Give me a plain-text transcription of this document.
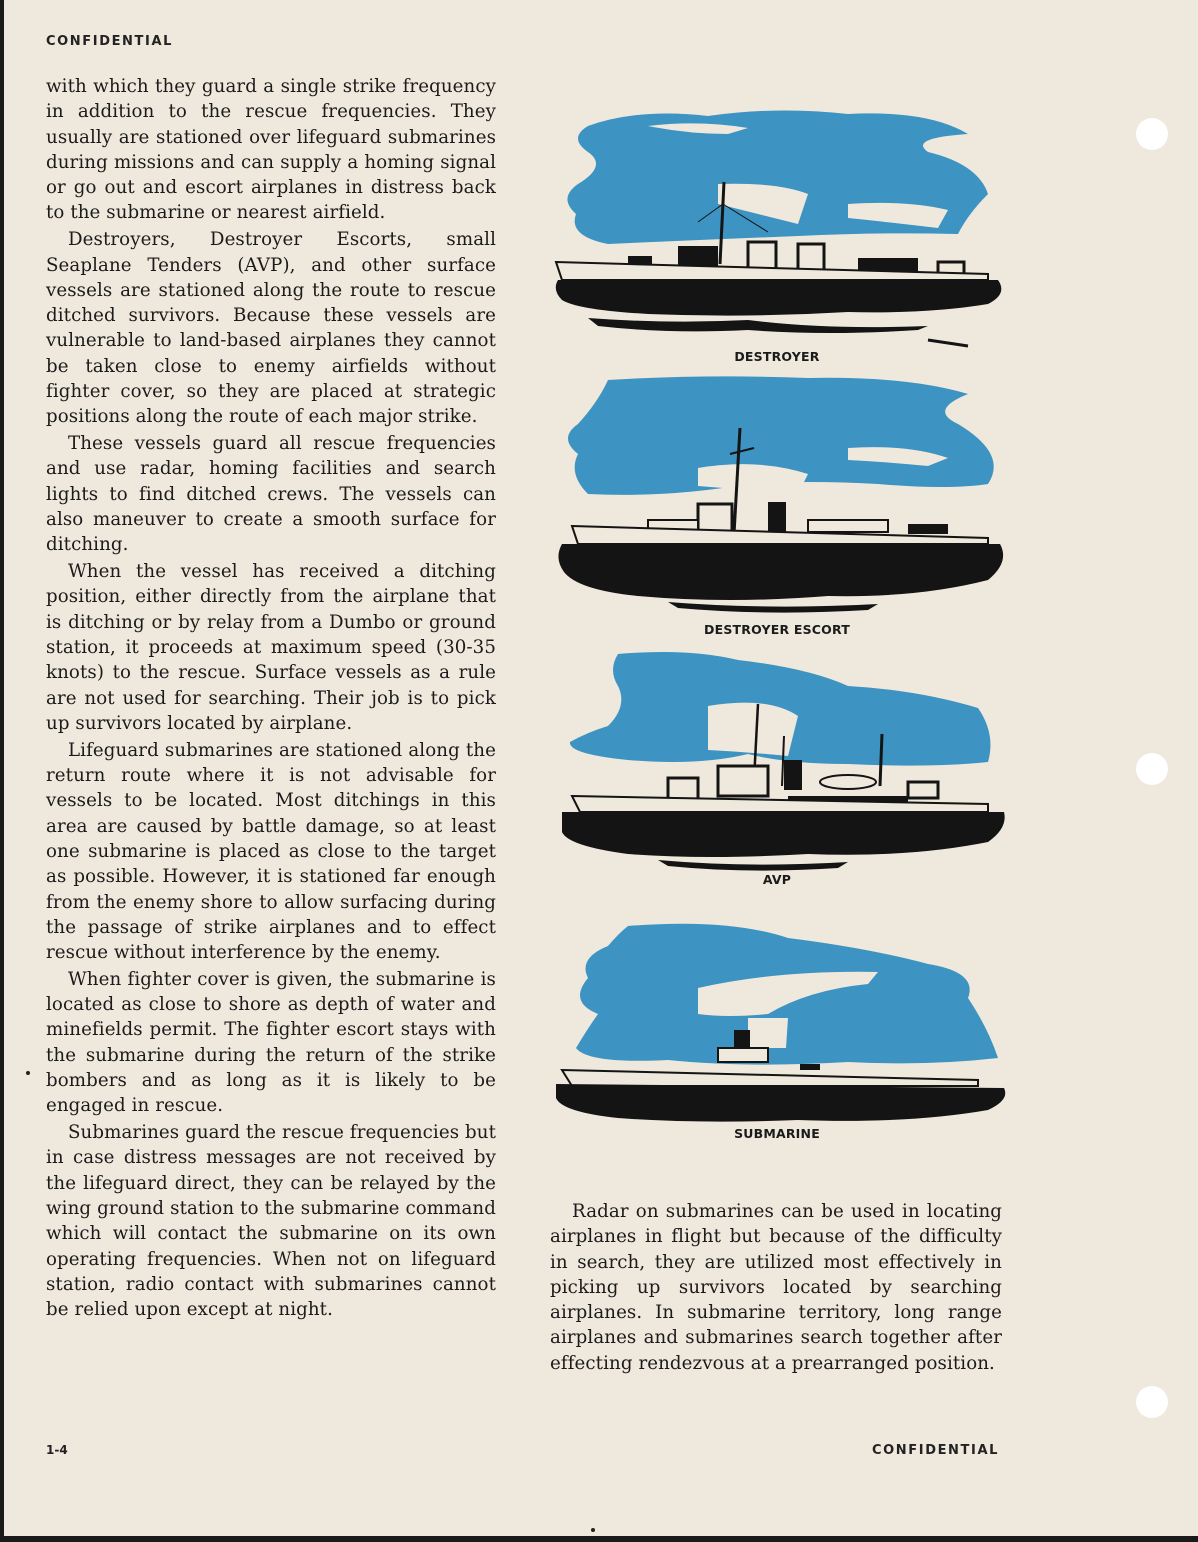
CONFIDENTIAL

with which they guard a single strike frequency in addition to the rescue frequencies. They usually are stationed over lifeguard submarines during missions and can supply a homing signal or go out and escort airplanes in distress back to the submarine or nearest airfield.

Destroyers, Destroyer Escorts, small Seaplane Tenders (AVP), and other surface vessels are stationed along the route to rescue ditched survivors. Because these vessels are vulnerable to land-based airplanes they cannot be taken close to enemy airfields without fighter cover, so they are placed at strategic positions along the route of each major strike.

These vessels guard all rescue frequencies and use radar, homing facilities and search lights to find ditched crews. The vessels can also maneuver to create a smooth surface for ditching.

When the vessel has received a ditching position, either directly from the airplane that is ditching or by relay from a Dumbo or ground station, it proceeds at maximum speed (30-35 knots) to the rescue. Surface vessels as a rule are not used for searching. Their job is to pick up survivors located by airplane.

Lifeguard submarines are stationed along the return route where it is not advisable for vessels to be located. Most ditchings in this area are caused by battle damage, so at least one submarine is placed as close to the target as possible. However, it is stationed far enough from the enemy shore to allow surfacing during the passage of strike airplanes and to effect rescue without interference by the enemy.

When fighter cover is given, the submarine is located as close to shore as depth of water and minefields permit. The fighter escort stays with the submarine during the return of the strike bombers and as long as it is likely to be engaged in rescue.

Submarines guard the rescue frequencies but in case distress messages are not received by the lifeguard direct, they can be relayed by the wing ground station to the submarine command which will contact the submarine on its own operating frequencies. When not on lifeguard station, radio contact with submarines cannot be relied upon except at night.

DESTROYER
DESTROYER ESCORT
AVP
SUBMARINE

Radar on submarines can be used in locating airplanes in flight but because of the difficulty in search, they are utilized most effectively in picking up survivors located by searching airplanes. In submarine territory, long range airplanes and submarines search together after effecting rendezvous at a prearranged position.

1-4	CONFIDENTIAL
